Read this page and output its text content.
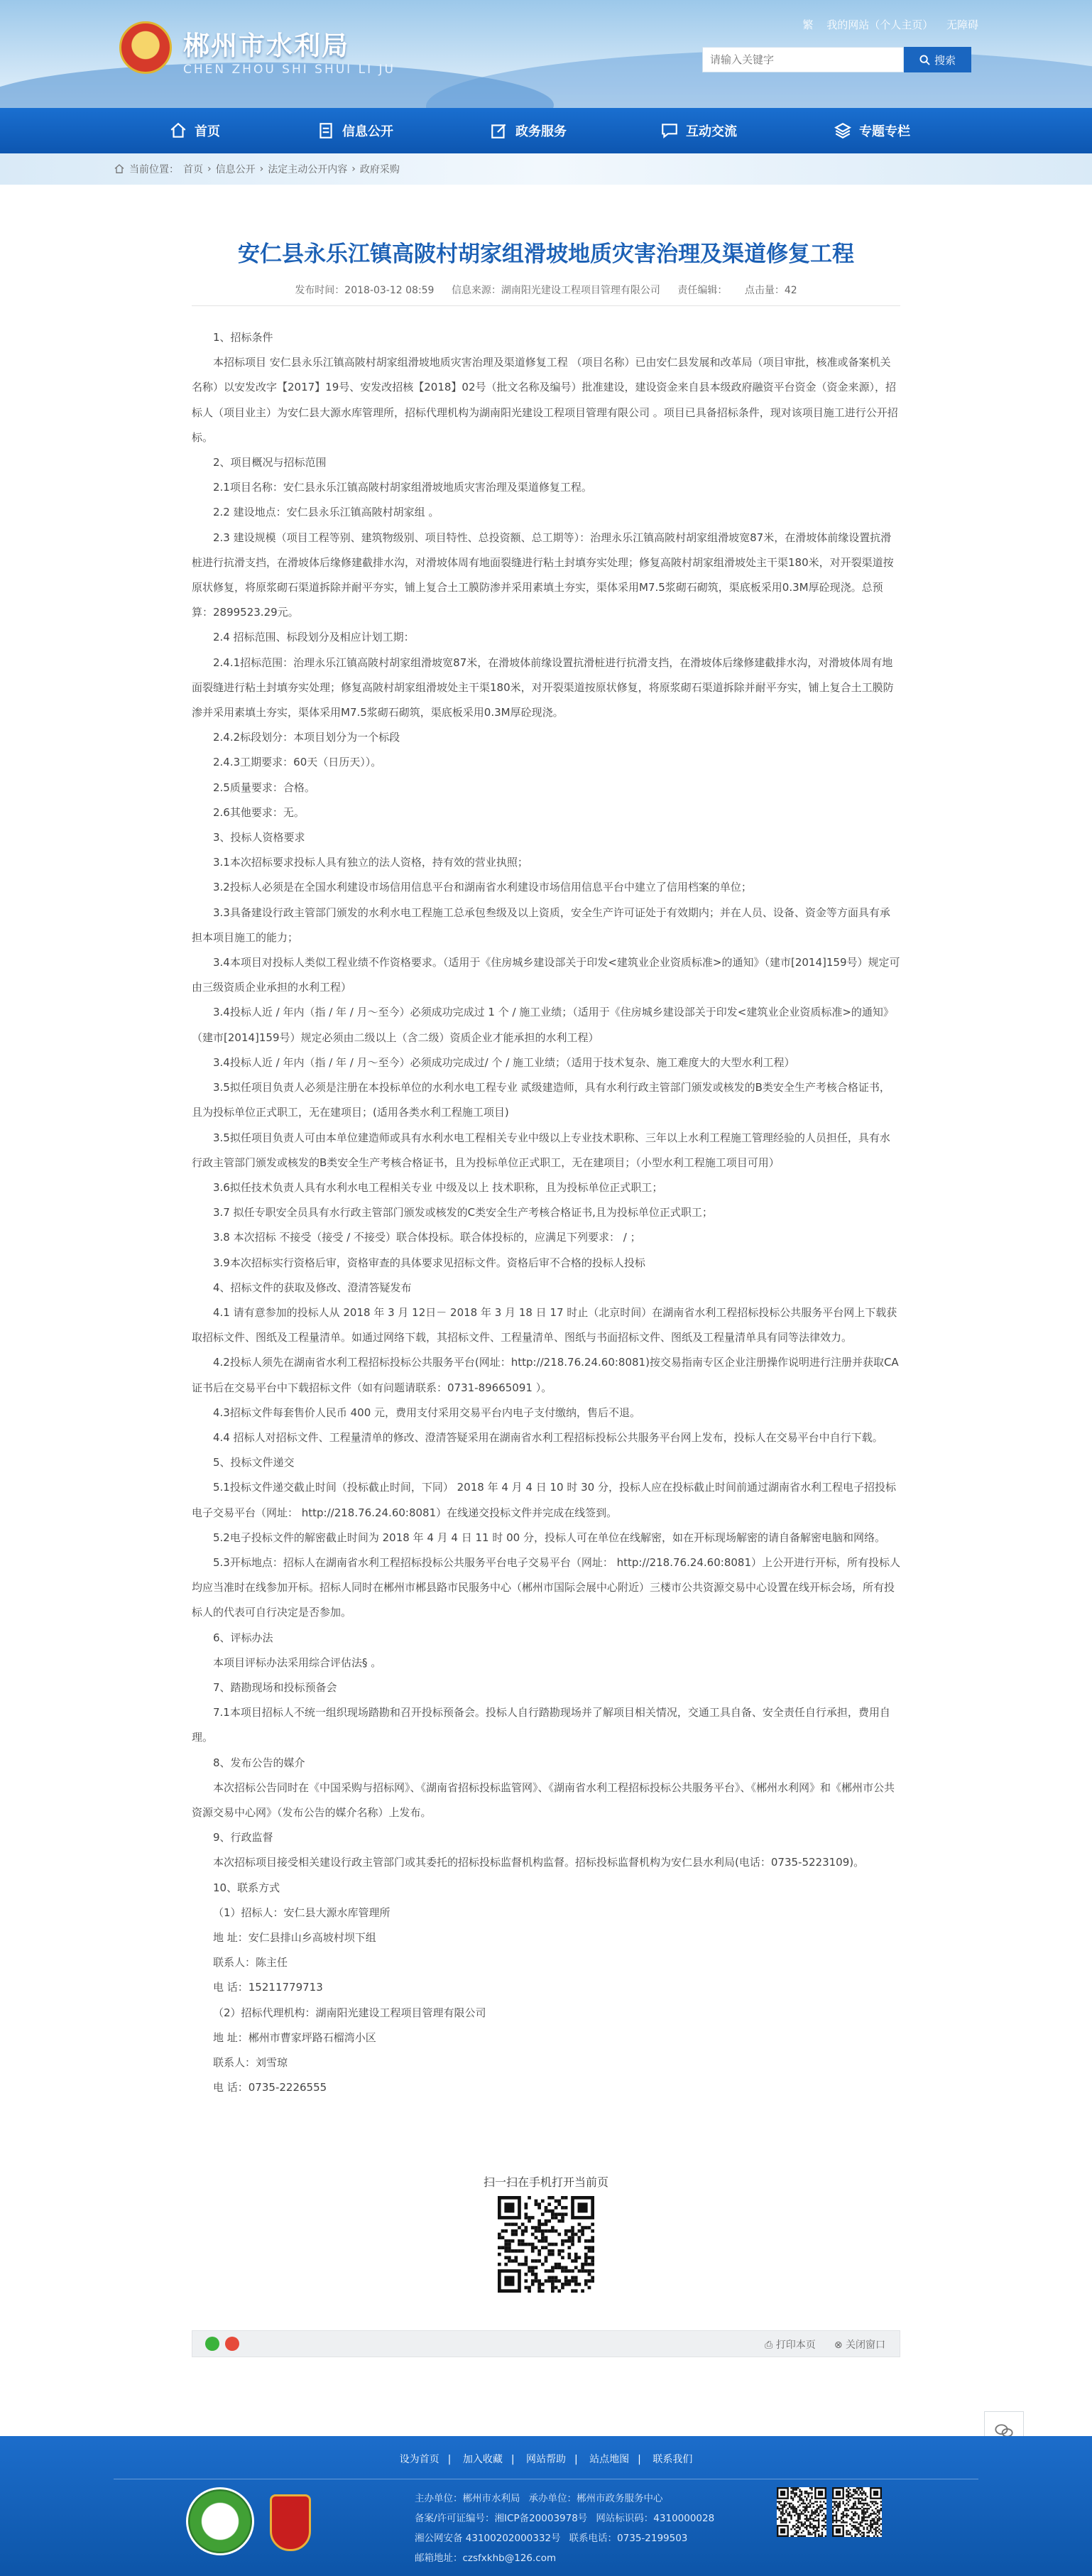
郴州市水利局
CHEN ZHOU SHI SHUI LI JU
繁 我的网站（个人主页） 无障碍
请输入关键字
搜索
首页	信息公开	政务服务	互动交流	专题专栏
当前位置： 首页 › 信息公开 › 法定主动公开内容 › 政府采购
安仁县永乐江镇高陂村胡家组滑坡地质灾害治理及渠道修复工程
发布时间：2018-03-12 08:59 信息来源：湖南阳光建设工程项目管理有限公司 责任编辑： 点击量：42

1、招标条件

本招标项目 安仁县永乐江镇高陂村胡家组滑坡地质灾害治理及渠道修复工程 （项目名称）已由安仁县发展和改革局（项目审批，核准或备案机关名称）以安发改字【2017】19号、安发改招核【2018】02号（批文名称及编号）批准建设，建设资金来自县本级政府融资平台资金（资金来源），招标人（项目业主）为安仁县大源水库管理所，招标代理机构为湖南阳光建设工程项目管理有限公司 。项目已具备招标条件，现对该项目施工进行公开招标。

2、项目概况与招标范围

2.1项目名称：安仁县永乐江镇高陂村胡家组滑坡地质灾害治理及渠道修复工程。

2.2 建设地点：安仁县永乐江镇高陂村胡家组 。

2.3 建设规模（项目工程等别、建筑物级别、项目特性、总投资额、总工期等）：治理永乐江镇高陂村胡家组滑坡宽87米，在滑坡体前缘设置抗滑桩进行抗滑支挡，在滑坡体后缘修建截排水沟，对滑坡体周有地面裂缝进行粘土封填夯实处理；修复高陂村胡家组滑坡处主干渠180米，对开裂渠道按原状修复，将原浆砌石渠道拆除并耐平夯实，铺上复合土工膜防渗并采用素填土夯实，渠体采用M7.5浆砌石砌筑，渠底板采用0.3M厚砼现浇。总预算：2899523.29元。

2.4 招标范围、标段划分及相应计划工期：

2.4.1招标范围：治理永乐江镇高陂村胡家组滑坡宽87米，在滑坡体前缘设置抗滑桩进行抗滑支挡，在滑坡体后缘修建截排水沟，对滑坡体周有地面裂缝进行粘土封填夯实处理；修复高陂村胡家组滑坡处主干渠180米，对开裂渠道按原状修复，将原浆砌石渠道拆除并耐平夯实，铺上复合土工膜防渗并采用素填土夯实，渠体采用M7.5浆砌石砌筑，渠底板采用0.3M厚砼现浇。

2.4.2标段划分：本项目划分为一个标段

2.4.3工期要求：60天（日历天））。

2.5质量要求：合格。

2.6其他要求：无。

3、投标人资格要求

3.1本次招标要求投标人具有独立的法人资格，持有效的营业执照；

3.2投标人必须是在全国水利建设市场信用信息平台和湖南省水利建设市场信用信息平台中建立了信用档案的单位；

3.3具备建设行政主管部门颁发的水利水电工程施工总承包叁级及以上资质，安全生产许可证处于有效期内；并在人员、设备、资金等方面具有承担本项目施工的能力；

3.4本项目对投标人类似工程业绩不作资格要求。（适用于《住房城乡建设部关于印发<建筑业企业资质标准>的通知》（建市[2014]159号）规定可由三级资质企业承担的水利工程）

3.4投标人近 / 年内（指 / 年 / 月～至今）必须成功完成过 1 个 / 施工业绩；（适用于《住房城乡建设部关于印发<建筑业企业资质标准>的通知》（建市[2014]159号）规定必须由二级以上（含二级）资质企业才能承担的水利工程）

3.4投标人近 / 年内（指 / 年 / 月～至今）必须成功完成过/ 个 / 施工业绩；（适用于技术复杂、施工难度大的大型水利工程）

3.5拟任项目负责人必须是注册在本投标单位的水利水电工程专业 贰级建造师，具有水利行政主管部门颁发或核发的B类安全生产考核合格证书，且为投标单位正式职工，无在建项目；(适用各类水利工程施工项目)

3.5拟任项目负责人可由本单位建造师或具有水利水电工程相关专业中级以上专业技术职称、三年以上水利工程施工管理经验的人员担任，具有水行政主管部门颁发或核发的B类安全生产考核合格证书，且为投标单位正式职工，无在建项目；（小型水利工程施工项目可用）

3.6拟任技术负责人具有水利水电工程相关专业 中级及以上 技术职称，且为投标单位正式职工；

3.7 拟任专职安全员具有水行政主管部门颁发或核发的C类安全生产考核合格证书,且为投标单位正式职工；

3.8 本次招标 不接受（接受 / 不接受）联合体投标。联合体投标的，应满足下列要求： / ；

3.9本次招标实行资格后审，资格审查的具体要求见招标文件。资格后审不合格的投标人投标

4、招标文件的获取及修改、澄清答疑发布

4.1 请有意参加的投标人从 2018 年 3 月 12日－ 2018 年 3 月 18 日 17 时止（北京时间）在湖南省水利工程招标投标公共服务平台网上下载获取招标文件、图纸及工程量清单。如通过网络下载，其招标文件、工程量清单、图纸与书面招标文件、图纸及工程量清单具有同等法律效力。

4.2投标人须先在湖南省水利工程招标投标公共服务平台(网址：http://218.76.24.60:8081)按交易指南专区企业注册操作说明进行注册并获取CA证书后在交易平台中下载招标文件（如有问题请联系：0731-89665091 ）。

4.3招标文件每套售价人民币 400 元，费用支付采用交易平台内电子支付缴纳，售后不退。

4.4 招标人对招标文件、工程量清单的修改、澄清答疑采用在湖南省水利工程招标投标公共服务平台网上发布，投标人在交易平台中自行下载。

5、投标文件递交

5.1投标文件递交截止时间（投标截止时间，下同） 2018 年 4 月 4 日 10 时 30 分，投标人应在投标截止时间前通过湖南省水利工程电子招投标 电子交易平台（网址： http://218.76.24.60:8081）在线递交投标文件并完成在线签到。

5.2电子投标文件的解密截止时间为 2018 年 4 月 4 日 11 时 00 分，投标人可在单位在线解密，如在开标现场解密的请自备解密电脑和网络。

5.3开标地点：招标人在湖南省水利工程招标投标公共服务平台电子交易平台（网址： http://218.76.24.60:8081）上公开进行开标，所有投标人均应当准时在线参加开标。招标人同时在郴州市郴县路市民服务中心（郴州市国际会展中心附近）三楼市公共资源交易中心设置在线开标会场，所有投标人的代表可自行决定是否参加。

6、评标办法

本项目评标办法采用综合评估法§ 。

7、踏勘现场和投标预备会

7.1本项目招标人不统一组织现场踏勘和召开投标预备会。投标人自行踏勘现场并了解项目相关情况，交通工具自备、安全责任自行承担，费用自理。

8、发布公告的媒介

本次招标公告同时在《中国采购与招标网》、《湖南省招标投标监管网》、《湖南省水利工程招标投标公共服务平台》、《郴州水利网》和《郴州市公共资源交易中心网》（发布公告的媒介名称）上发布。

9、行政监督

本次招标项目接受相关建设行政主管部门或其委托的招标投标监督机构监督。招标投标监督机构为安仁县水利局(电话：0735-5223109)。

10、联系方式

（1）招标人：安仁县大源水库管理所

地 址：安仁县排山乡高坡村坝下组

联系人：陈主任

电 话：15211779713

（2）招标代理机构：湖南阳光建设工程项目管理有限公司

地 址：郴州市曹家坪路石榴湾小区

联系人：刘雪琼

电 话：0735-2226555

扫一扫在手机打开当前页
⎙ 打印本页 ⊗ 关闭窗口
设为首页 | 加入收藏 | 网站帮助 | 站点地图 | 联系我们
主办单位：郴州市水利局 承办单位：郴州市政务服务中心
备案/许可证编号：湘ICP备20003978号 网站标识码：4310000028
湘公网安备 43100202000332号 联系电话：0735-2199503
邮箱地址：czsfxkhb@126.com
